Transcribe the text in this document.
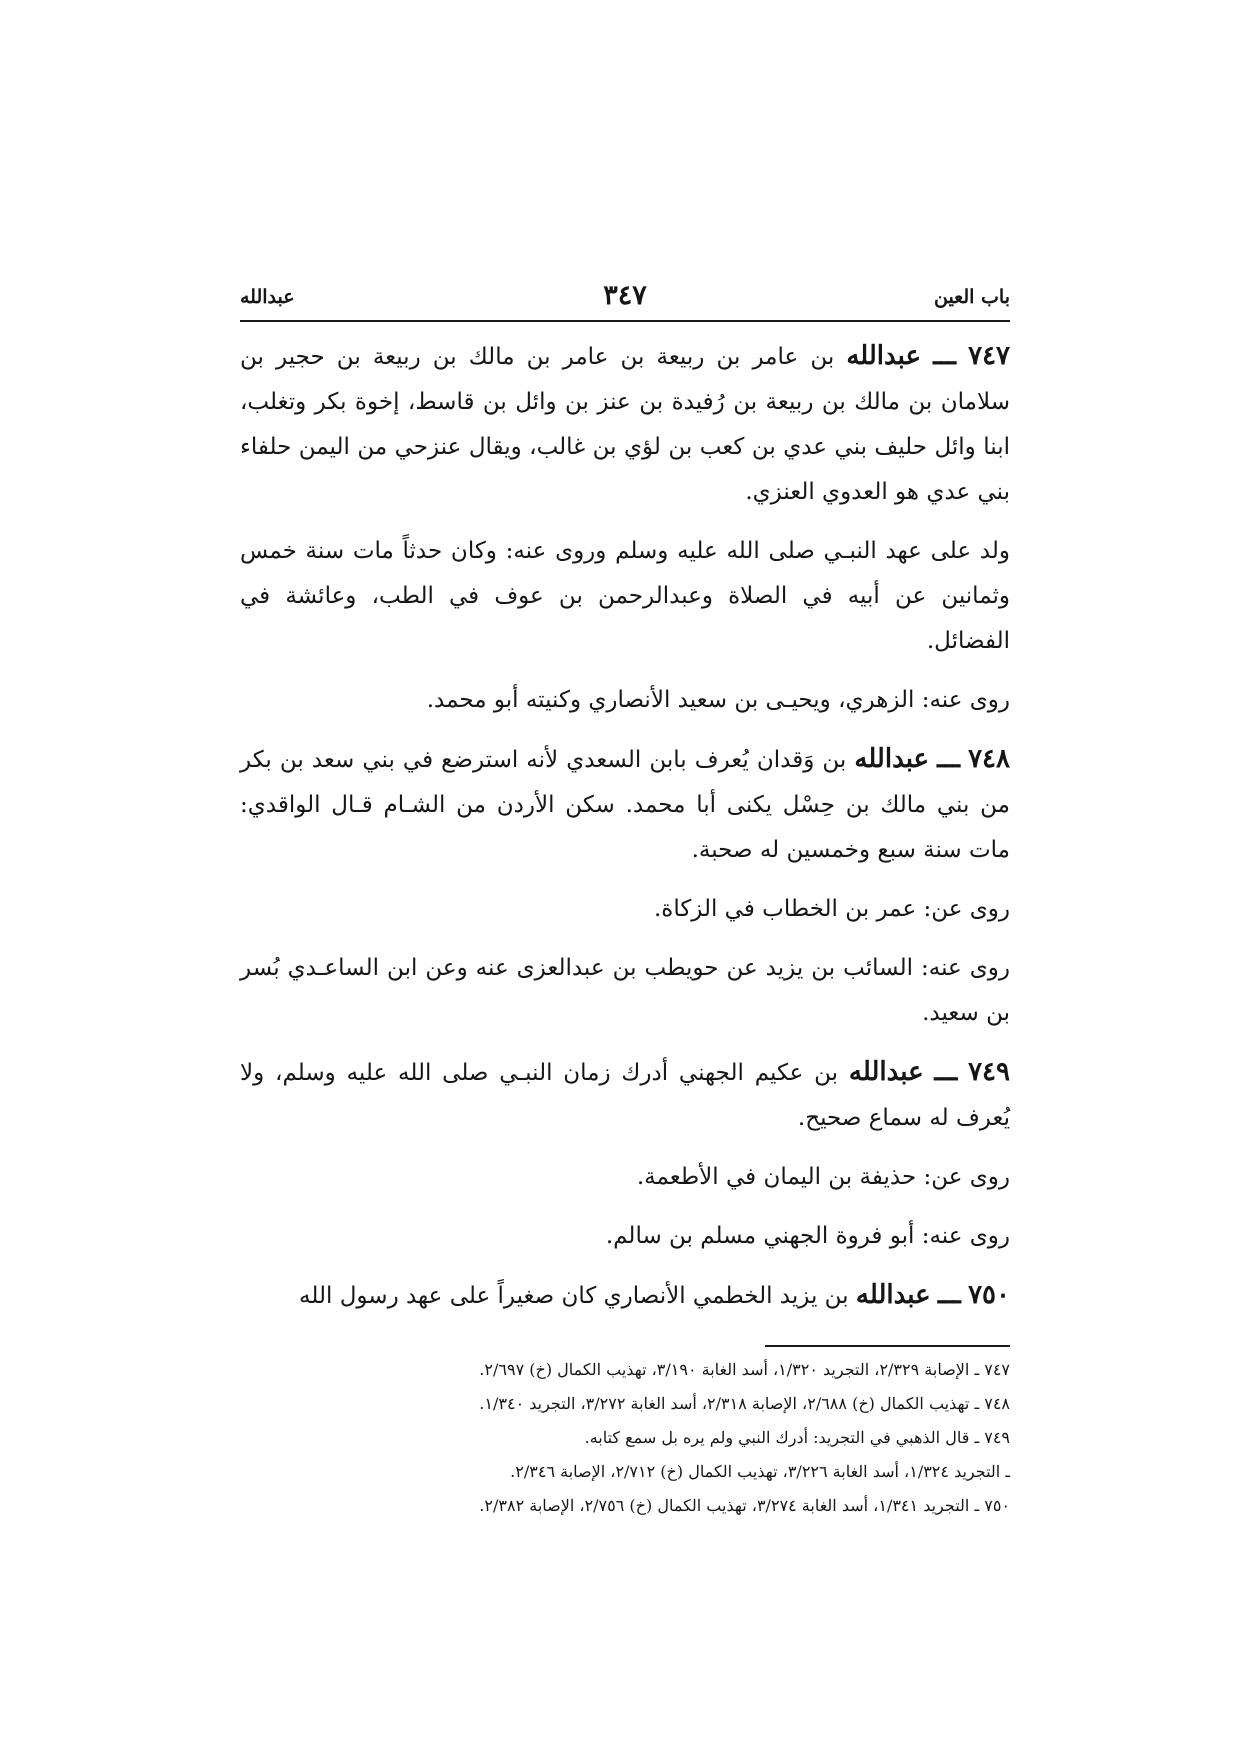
باب العين
٣٤٧
عبدالله

٧٤٧ ـــ عبدالله بن عامر بن ربيعة بن عامر بن مالك بن ربيعة بن حجير بن سلامان بن مالك بن ربيعة بن رُفيدة بن عنز بن وائل بن قاسط، إخوة بكر وتغلب، ابنا وائل حليف بني عدي بن كعب بن لؤي بن غالب، ويقال عنزحي من اليمن حلفاء بني عدي هو العدوي العنزي.

ولد على عهد النبـي صلى الله عليه وسلم وروى عنه: وكان حدثاً مات سنة خمس وثمانين عن أبيه في الصلاة وعبدالرحمن بن عوف في الطب، وعائشة في الفضائل.

روى عنه: الزهري، ويحيـى بن سعيد الأنصاري وكنيته أبو محمد.

٧٤٨ ـــ عبدالله بن وَقدان يُعرف بابن السعدي لأنه استرضع في بني سعد بن بكر من بني مالك بن حِسْل يكنى أبا محمد. سكن الأردن من الشـام قـال الواقدي: مات سنة سبع وخمسين له صحبة.

روى عن: عمر بن الخطاب في الزكاة.

روى عنه: السائب بن يزيد عن حويطب بن عبدالعزى عنه وعن ابن الساعـدي بُسر بن سعيد.

٧٤٩ ـــ عبدالله بن عكيم الجهني أدرك زمان النبـي صلى الله عليه وسلم، ولا يُعرف له سماع صحيح.

روى عن: حذيفة بن اليمان في الأطعمة.

روى عنه: أبو فروة الجهني مسلم بن سالم.

٧٥٠ ـــ عبدالله بن يزيد الخطمي الأنصاري كان صغيراً على عهد رسول الله

٧٤٧ ـ الإصابة ٢/٣٢٩، التجريد ١/٣٢٠، أسد الغابة ٣/١٩٠، تهذيب الكمال (خ) ٢/٦٩٧.
٧٤٨ ـ تهذيب الكمال (خ) ٢/٦٨٨، الإصابة ٢/٣١٨، أسد الغابة ٣/٢٧٢، التجريد ١/٣٤٠.
٧٤٩ ـ قال الذهبي في التجريد: أدرك النبي ولم يره بل سمع كتابه.
ـ التجريد ١/٣٢٤، أسد الغابة ٣/٢٢٦، تهذيب الكمال (خ) ٢/٧١٢، الإصابة ٢/٣٤٦.
٧٥٠ ـ التجريد ١/٣٤١، أسد الغابة ٣/٢٧٤، تهذيب الكمال (خ) ٢/٧٥٦، الإصابة ٢/٣٨٢.
